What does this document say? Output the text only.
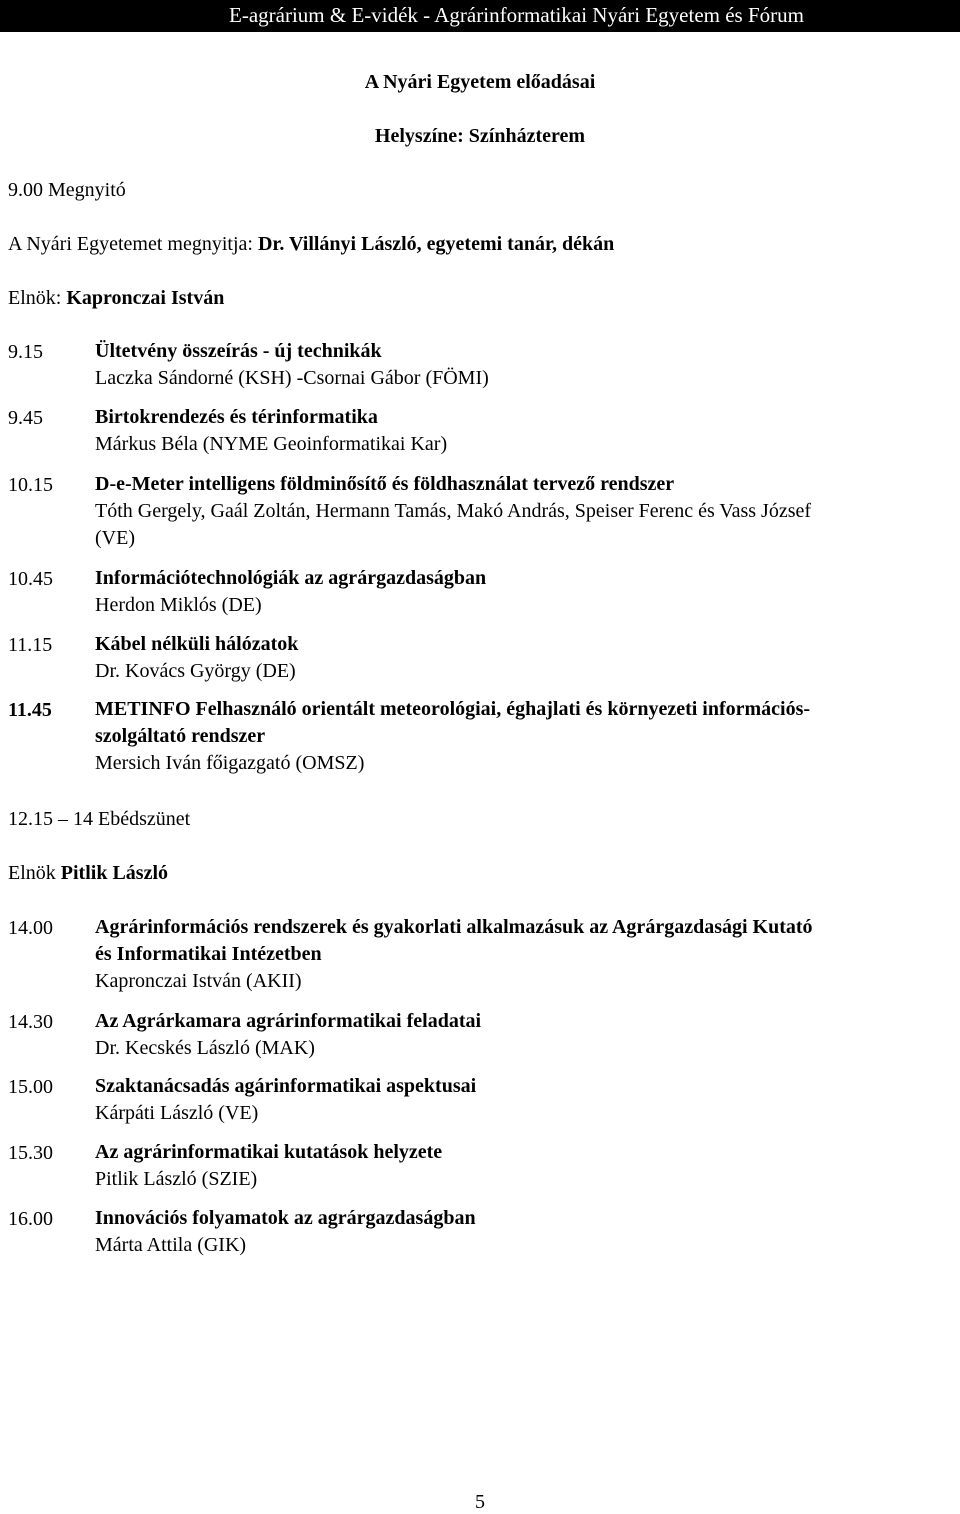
E-agrárium & E-vidék - Agrárinformatikai Nyári Egyetem és Fórum
A Nyári Egyetem előadásai
Helyszíne: Színházterem
9.00 Megnyitó
A Nyári Egyetemet megnyitja: Dr. Villányi László, egyetemi tanár, dékán
Elnök: Kapronczai István
9.15	Ültetvény összeírás - új technikák
Laczka Sándorné (KSH) -Csornai Gábor (FÖMI)
9.45	Birtokrendezés és térinformatika
Márkus Béla (NYME Geoinformatikai Kar)
10.15 D-e-Meter intelligens földminősítő és földhasználat tervező rendszer
Tóth Gergely, Gaál Zoltán, Hermann Tamás, Makó András, Speiser Ferenc és Vass József
(VE)
10.45 Információtechnológiák az agrárgazdaságban
Herdon Miklós (DE)
11.15 Kábel nélküli hálózatok
Dr. Kovács György (DE)
11.45 METINFO Felhasználó orientált meteorológiai, éghajlati és környezeti információs-
szolgáltató rendszer
Mersich Iván főigazgató (OMSZ)
12.15 – 14 Ebédszünet
Elnök Pitlik László
14.00 Agrárinformációs rendszerek és gyakorlati alkalmazásuk az Agrárgazdasági Kutató
és Informatikai Intézetben
Kapronczai István (AKII)
14.30 Az Agrárkamara agrárinformatikai feladatai
Dr. Kecskés László (MAK)
15.00 Szaktanácsadás agárinformatikai aspektusai
Kárpáti László (VE)
15.30 Az agrárinformatikai kutatások helyzete
Pitlik László (SZIE)
16.00 Innovációs folyamatok az agrárgazdaságban
Márta Attila (GIK)
5
